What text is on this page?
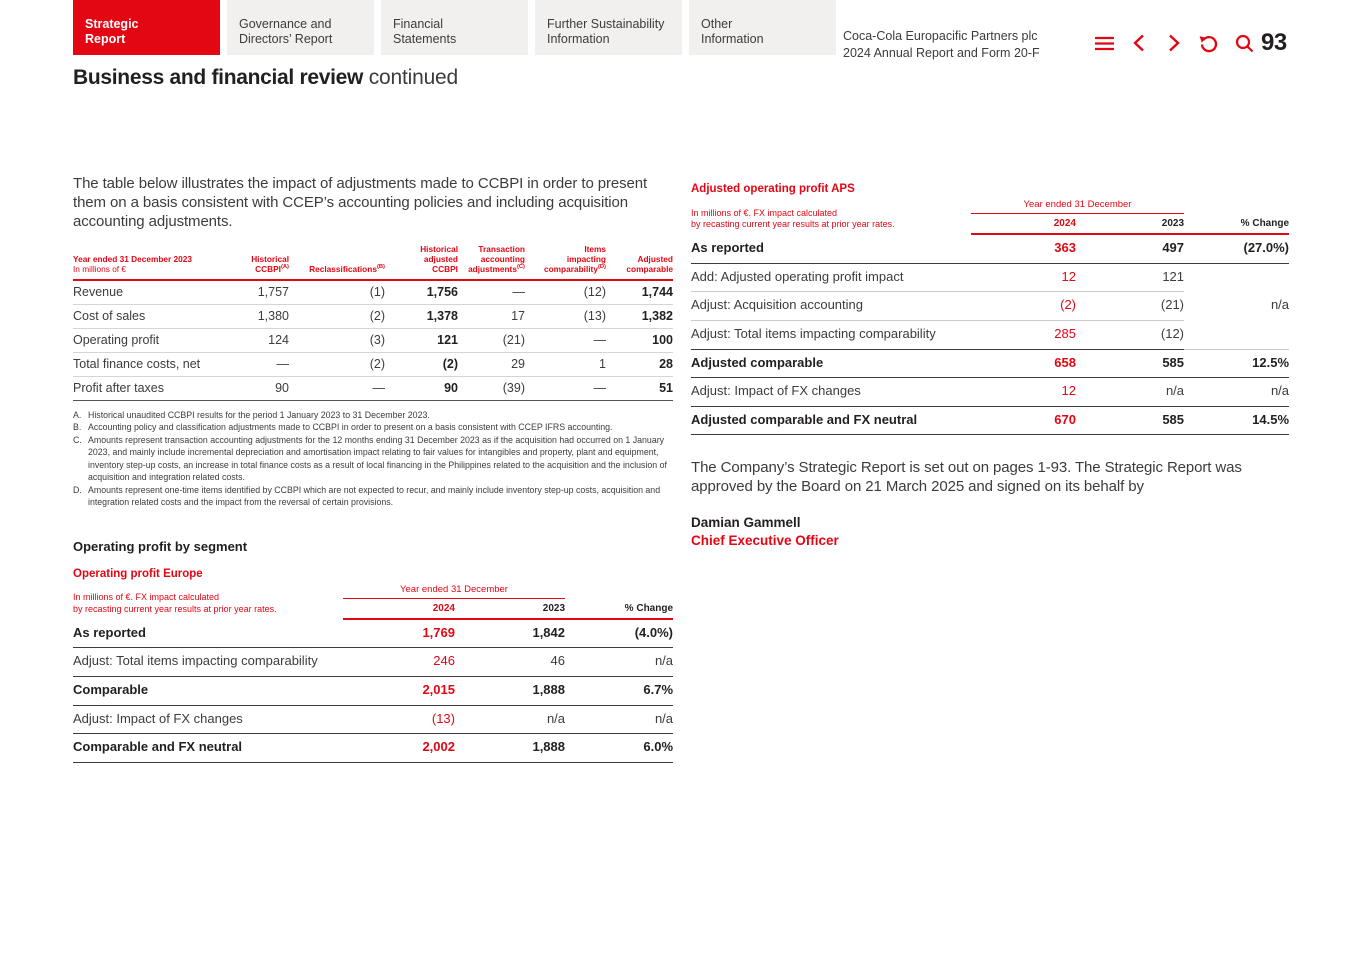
Strategic
Report
Governance and
Directors’ Report
Financial
Statements
Further Sustainability
Information
Other
Information	Coca-Cola Europacific Partners plc
2024 Annual Report and Form 20-F	93
Business and financial review continued

The table below illustrates the impact of adjustments made to CCBPI in order to present them on a basis consistent with CCEP’s accounting policies and including acquisition accounting adjustments.

Year ended 31 December 2023
In millions of €
	Historical
$CCBPI^{(A)}$	Reclassifications$^{(B)}$	Historical
adjusted
CCBPI	Transaction
accounting
adjustments$^{(C)}$	Items
impacting
comparability$^{(D)}$	Adjusted
comparable
Revenue	1,757	(1)	1,756	—	(12)	1,744
Cost of sales	1,380	(2)	1,378	17	(13)	1,382
Operating profit	124	(3)	121	(21)	—	100
Total finance costs, net	—	(2)	(2)	29	1	28
Profit after taxes	90	—	90	(39)	—	51
A. Historical unaudited CCBPI results for the period 1 January 2023 to 31 December 2023.
B. Accounting policy and classification adjustments made to CCBPI in order to present on a basis consistent with CCEP IFRS accounting.
C. Amounts represent transaction accounting adjustments for the 12 months ending 31 December 2023 as if the acquisition had occurred on 1 January 2023, and mainly include incremental depreciation and amortisation impact relating to fair values for intangibles and property, plant and equipment, inventory step-up costs, an increase in total finance costs as a result of local financing in the Philippines related to the acquisition and the inclusion of acquisition and integration related costs.
D. Amounts represent one-time items identified by CCBPI which are not expected to recur, and mainly include inventory step-up costs, acquisition and integration related costs and the impact from the reversal of certain provisions.
Operating profit by segment
Operating profit Europe
In millions of €. FX impact calculated
by recasting current year results at prior year rates.	Year ended 31 December		
	2024	2023	% Change
As reported	1,769	1,842	(4.0%)
Adjust: Total items impacting comparability	246	46	n/a
Comparable	2,015	1,888	6.7%
Adjust: Impact of FX changes	(13)	n/a	n/a
Comparable and FX neutral	2,002	1,888	6.0%
Adjusted operating profit APS
In millions of €. FX impact calculated
by recasting current year results at prior year rates.	Year ended 31 December		
	2024	2023	% Change
As reported	363	497	(27.0%)
Add: Adjusted operating profit impact	12	121	n/a
Adjust: Acquisition accounting	(2)	(21)	
Adjust: Total items impacting comparability	285	(12)	
Adjusted comparable	658	585	12.5%
Adjust: Impact of FX changes	12	n/a	n/a
Adjusted comparable and FX neutral	670	585	14.5%

The Company’s Strategic Report is set out on pages 1-93. The Strategic Report was approved by the Board on 21 March 2025 and signed on its behalf by

Damian Gammell
Chief Executive Officer
